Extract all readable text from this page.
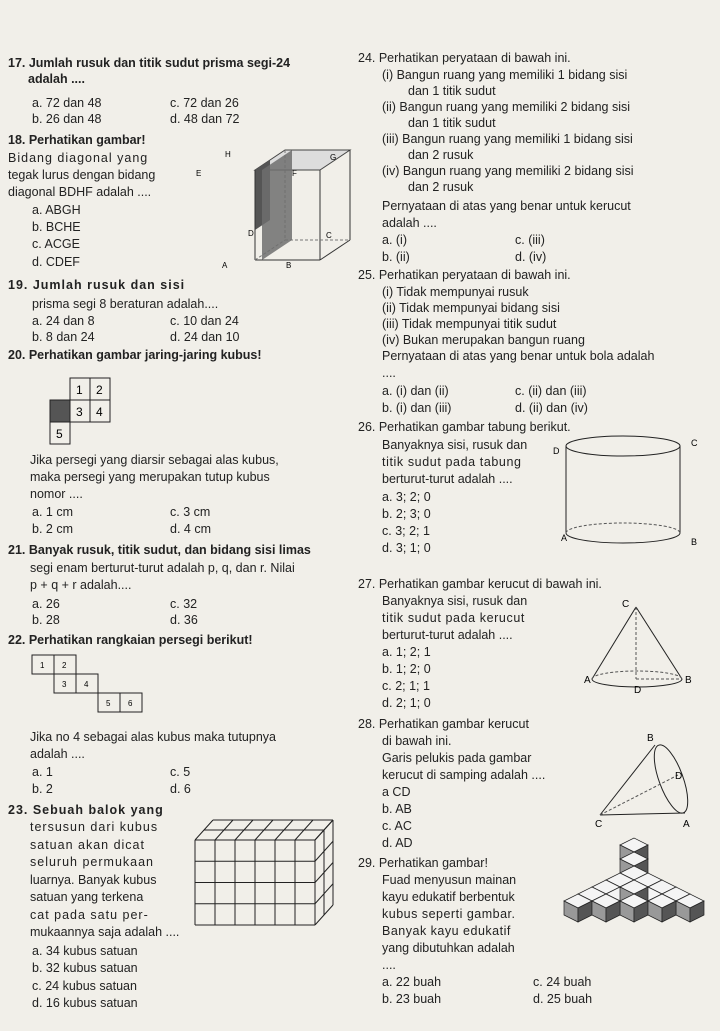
17. Jumlah rusuk dan titik sudut prisma segi-24
adalah ....
a. 72 dan 48	c. 72 dan 26
b. 26 dan 48	d. 48 dan 72
18. Perhatikan gambar!
Bidang diagonal yang
tegak lurus dengan bidang
diagonal BDHF adalah ....
a. ABGH
b. BCHE
c. ACGE
d. CDEF
H	G
E	F
D	C
A	B
19. Jumlah rusuk dan sisi
prisma segi 8 beraturan adalah....
a. 24 dan 8	c. 10 dan 24
b. 8 dan 24	d. 24 dan 10
20. Perhatikan gambar jaring-jaring kubus!
1 2
3 4
5
Jika persegi yang diarsir sebagai alas kubus,
maka persegi yang merupakan tutup kubus
nomor ....
a. 1 cm	c. 3 cm
b. 2 cm	d. 4 cm
21. Banyak rusuk, titik sudut, dan bidang sisi limas
segi enam berturut-turut adalah p, q, dan r. Nilai
p + q + r adalah....
a. 26	c. 32
b. 28	d. 36
22. Perhatikan rangkaian persegi berikut!
1 2
3 4
5 6
Jika no 4 sebagai alas kubus maka tutupnya
adalah ....
a. 1	c. 5
b. 2	d. 6
23. Sebuah balok yang
tersusun dari kubus
satuan akan dicat
seluruh permukaan
luarnya. Banyak kubus
satuan yang terkena
cat pada satu per-
mukaannya saja adalah ....
a. 34 kubus satuan
b. 32 kubus satuan
c. 24 kubus satuan
d. 16 kubus satuan
24. Perhatikan peryataan di bawah ini.
(i) Bangun ruang yang memiliki 1 bidang sisi
dan 1 titik sudut
(ii) Bangun ruang yang memiliki 2 bidang sisi
dan 1 titik sudut
(iii) Bangun ruang yang memiliki 1 bidang sisi
dan 2 rusuk
(iv) Bangun ruang yang memiliki 2 bidang sisi
dan 2 rusuk
Pernyataan di atas yang benar untuk kerucut
adalah ....
a. (i)	c. (iii)
b. (ii)	d. (iv)
25. Perhatikan peryataan di bawah ini.
(i) Tidak mempunyai rusuk
(ii) Tidak mempunyai bidang sisi
(iii) Tidak mempunyai titik sudut
(iv) Bukan merupakan bangun ruang
Pernyataan di atas yang benar untuk bola adalah
....
a. (i) dan (ii)	c. (ii) dan (iii)
b. (i) dan (iii)	d. (ii) dan (iv)
26. Perhatikan gambar tabung berikut.
Banyaknya sisi, rusuk dan
titik sudut pada tabung
berturut-turut adalah ....
a. 3; 2; 0
b. 2; 3; 0
c. 3; 2; 1
d. 3; 1; 0
D
C
A	B
27. Perhatikan gambar kerucut di bawah ini.
Banyaknya sisi, rusuk dan
titik sudut pada kerucut
berturut-turut adalah ....
a. 1; 2; 1
b. 1; 2; 0
c. 2; 1; 1
d. 2; 1; 0
C
A
D
B
28. Perhatikan gambar kerucut
di bawah ini.
Garis pelukis pada gambar
kerucut di samping adalah ....
a CD
b. AB
c. AC
d. AD
B
D
C	A
29. Perhatikan gambar!
Fuad menyusun mainan
kayu edukatif berbentuk
kubus seperti gambar.
Banyak kayu edukatif
yang dibutuhkan adalah
....
a. 22 buah	c. 24 buah
b. 23 buah	d. 25 buah
